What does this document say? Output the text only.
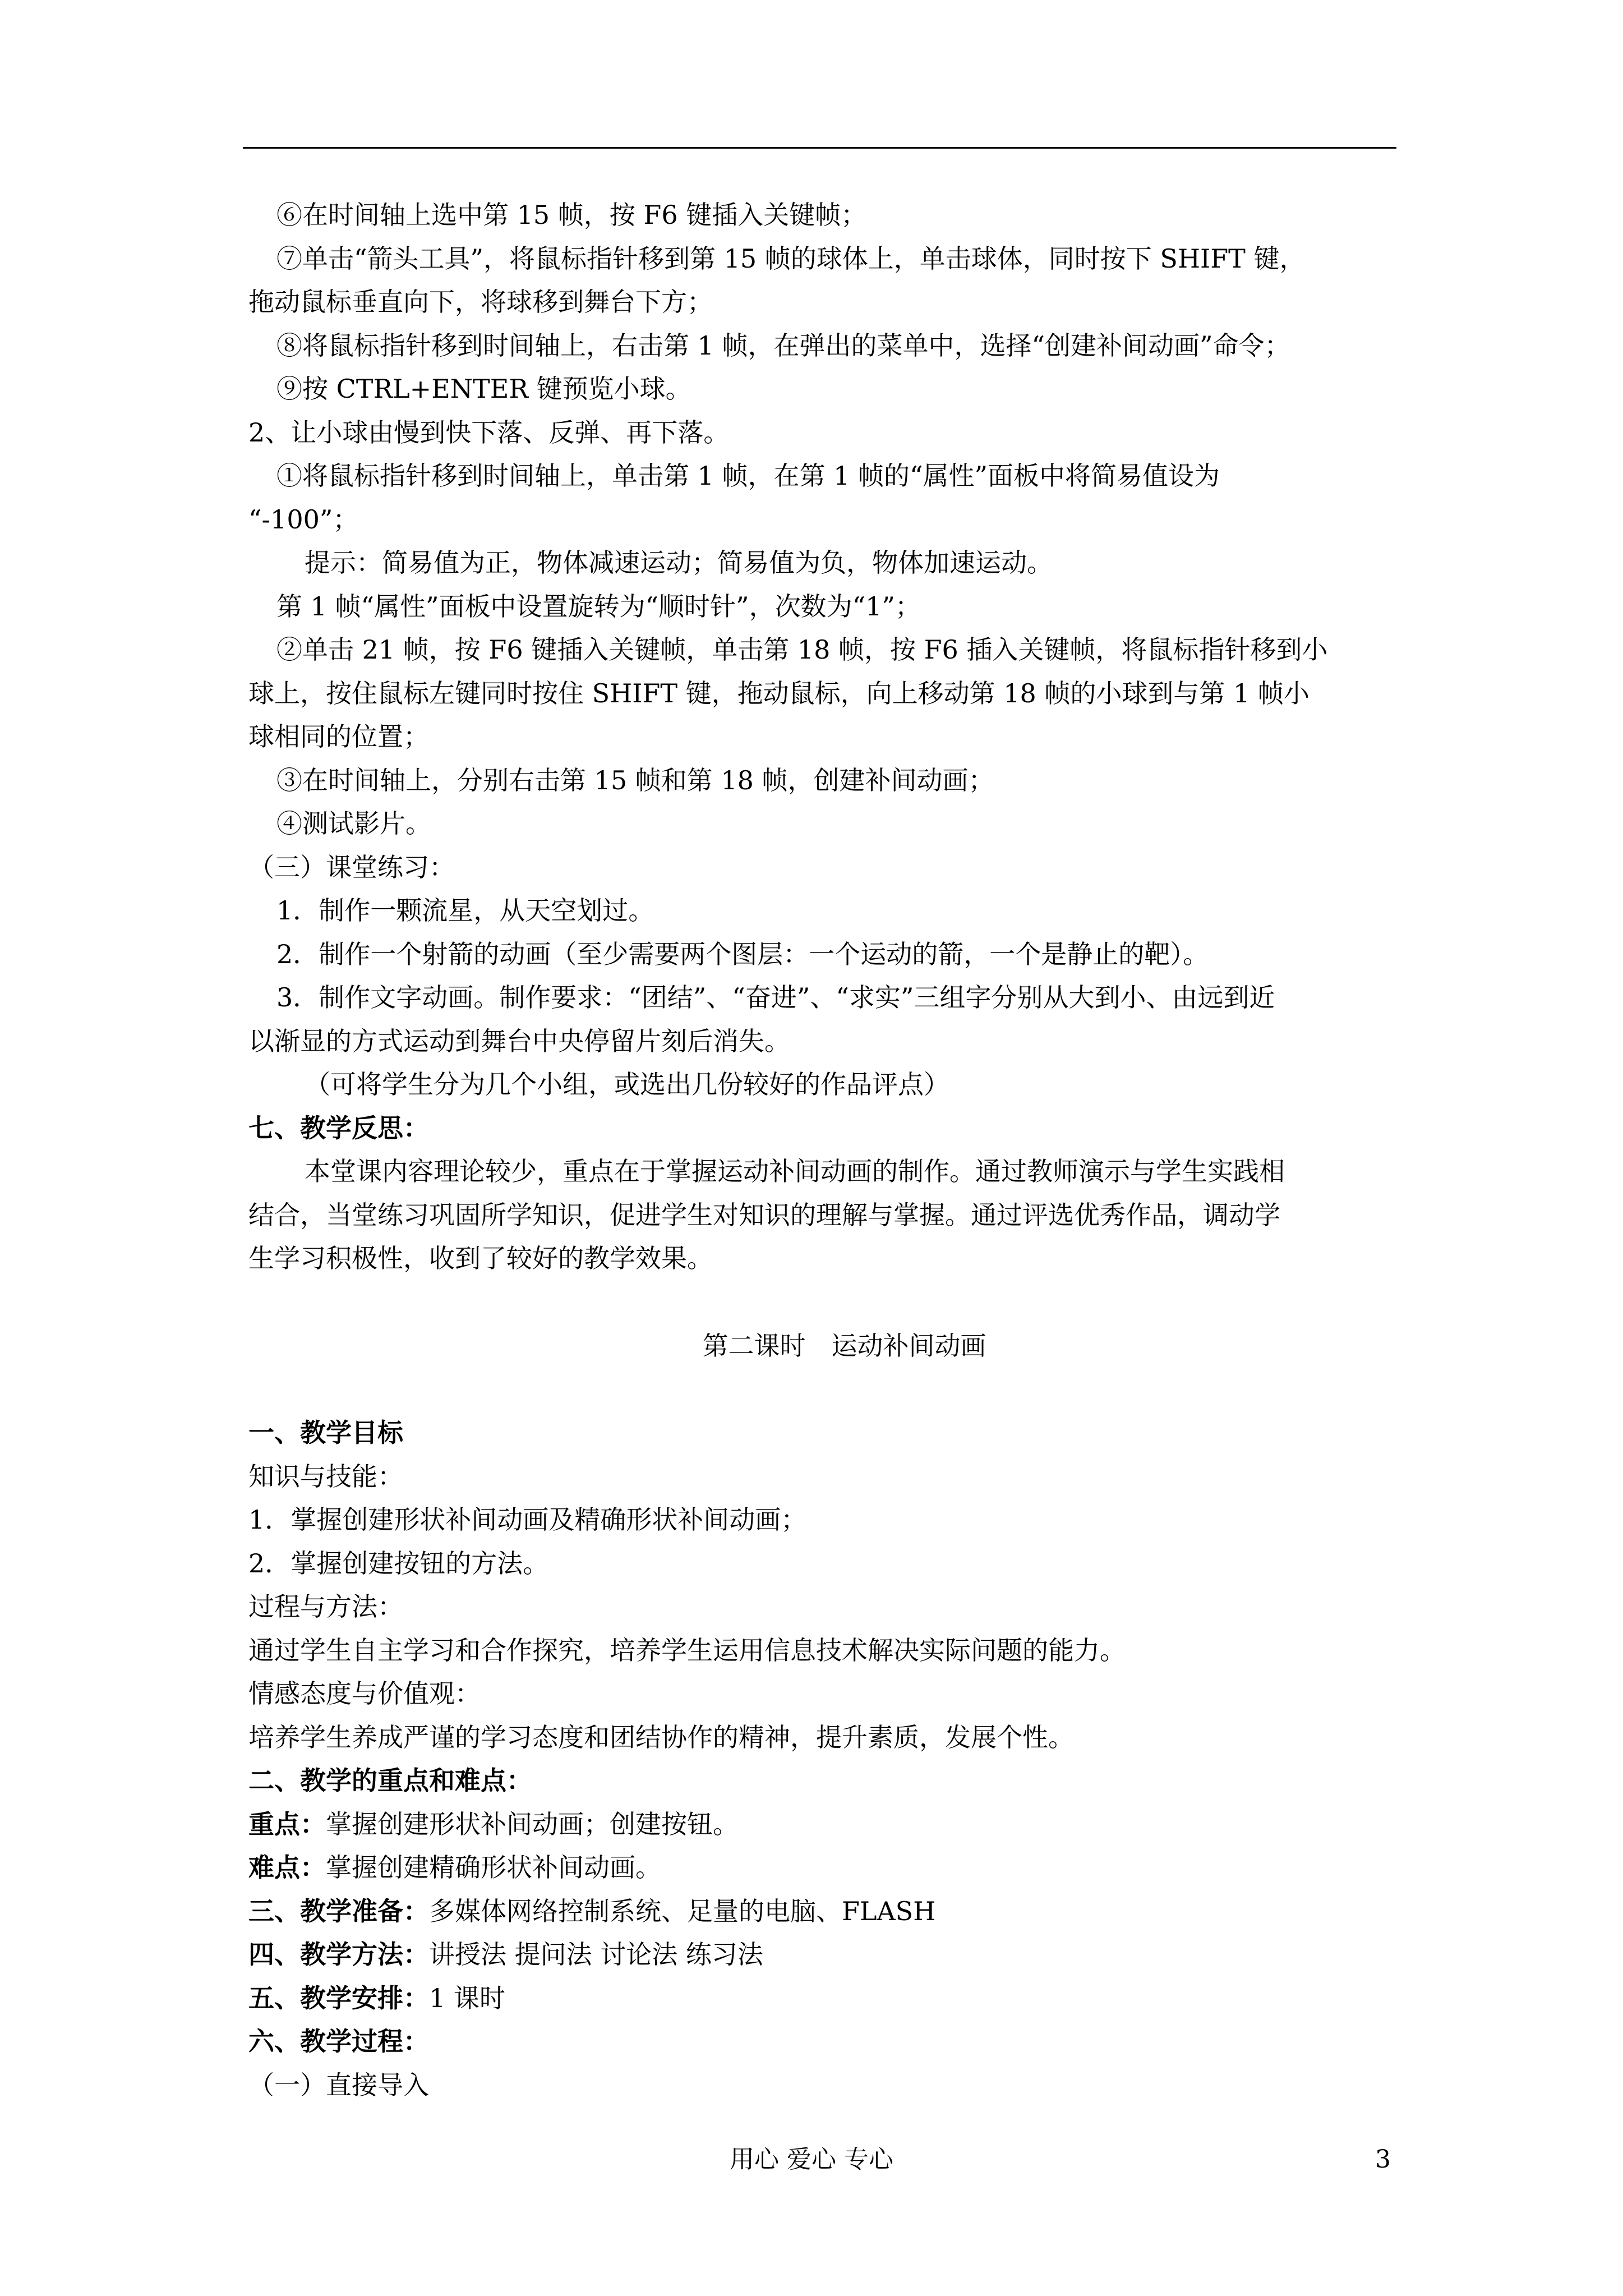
⑥在时间轴上选中第 15 帧，按 F6 键插入关键帧；
⑦单击“箭头工具”，将鼠标指针移到第 15 帧的球体上，单击球体，同时按下 SHIFT 键，
拖动鼠标垂直向下，将球移到舞台下方；
⑧将鼠标指针移到时间轴上，右击第 1 帧，在弹出的菜单中，选择“创建补间动画”命令；
⑨按 CTRL+ENTER 键预览小球。
2、让小球由慢到快下落、反弹、再下落。
①将鼠标指针移到时间轴上，单击第 1 帧，在第 1 帧的“属性”面板中将简易值设为
“-100”；
提示：简易值为正，物体减速运动；简易值为负，物体加速运动。
第 1 帧“属性”面板中设置旋转为“顺时针”，次数为“1”；
②单击 21 帧，按 F6 键插入关键帧，单击第 18 帧，按 F6 插入关键帧，将鼠标指针移到小
球上，按住鼠标左键同时按住 SHIFT 键，拖动鼠标，向上移动第 18 帧的小球到与第 1 帧小
球相同的位置；
③在时间轴上，分别右击第 15 帧和第 18 帧，创建补间动画；
④测试影片。
（三）课堂练习：
1．制作一颗流星，从天空划过。
2．制作一个射箭的动画（至少需要两个图层：一个运动的箭，一个是静止的靶）。
3．制作文字动画。制作要求：“团结”、“奋进”、“求实”三组字分别从大到小、由远到近
以渐显的方式运动到舞台中央停留片刻后消失。
（可将学生分为几个小组，或选出几份较好的作品评点）
七、教学反思：
本堂课内容理论较少，重点在于掌握运动补间动画的制作。通过教师演示与学生实践相
结合，当堂练习巩固所学知识，促进学生对知识的理解与掌握。通过评选优秀作品，调动学
生学习积极性，收到了较好的教学效果。
第二课时　运动补间动画
一、教学目标
知识与技能：
1．掌握创建形状补间动画及精确形状补间动画；
2．掌握创建按钮的方法。
过程与方法：
通过学生自主学习和合作探究，培养学生运用信息技术解决实际问题的能力。
情感态度与价值观：
培养学生养成严谨的学习态度和团结协作的精神，提升素质，发展个性。
二、教学的重点和难点：
重点：掌握创建形状补间动画；创建按钮。
难点：掌握创建精确形状补间动画。
三、教学准备：多媒体网络控制系统、足量的电脑、FLASH
四、教学方法：讲授法 提问法 讨论法 练习法
五、教学安排：1 课时
六、教学过程：
（一）直接导入
用心 爱心 专心	3
